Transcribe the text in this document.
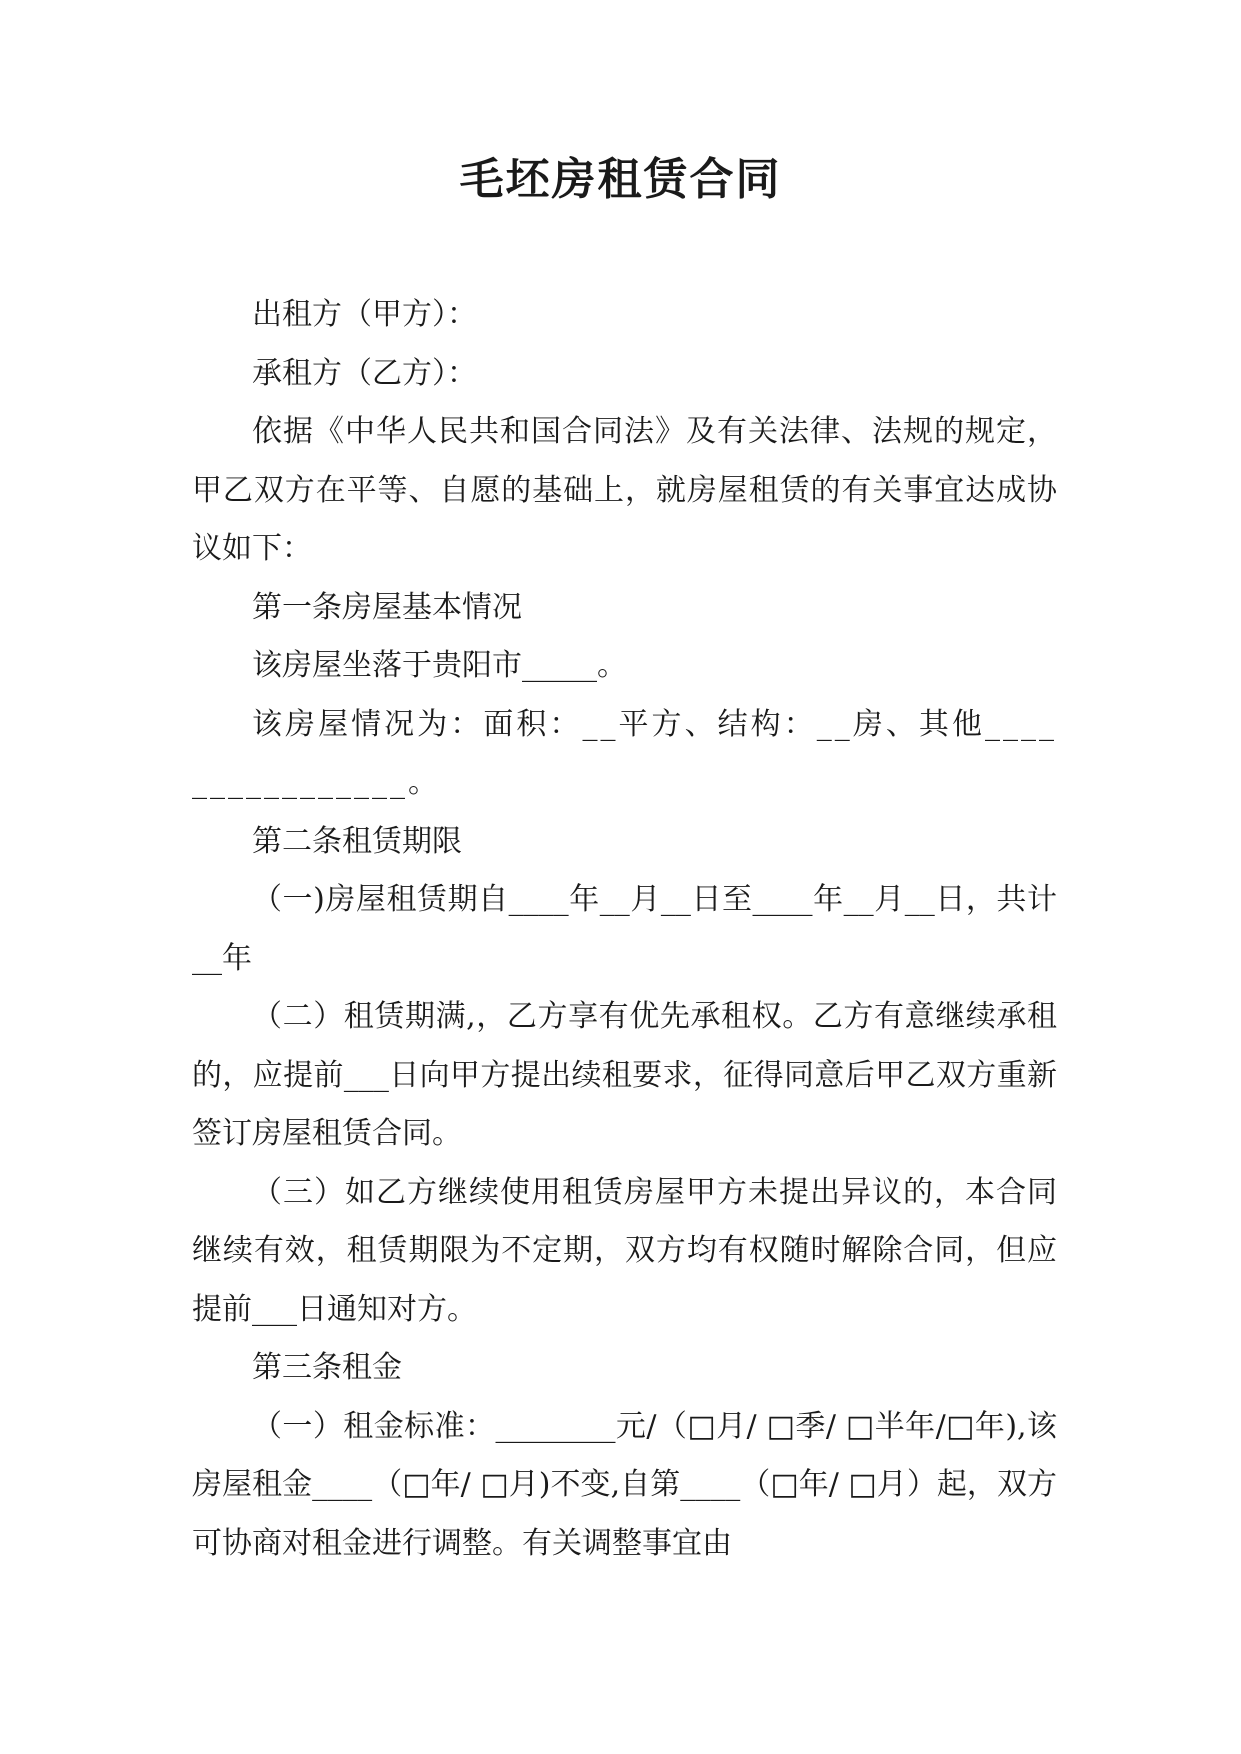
毛坯房租赁合同

出租方（甲方）：

承租方（乙方）：

依据《中华人民共和国合同法》及有关法律、法规的规定，甲乙双方在平等、自愿的基础上，就房屋租赁的有关事宜达成协议如下：

第一条房屋基本情况

该房屋坐落于贵阳市_____。

该房屋情况为：面积：__平方、结构：__房、其他________________。

第二条租赁期限

（一)房屋租赁期自____年__月__日至____年__月__日，共计__年

（二）租赁期满,，乙方享有优先承租权。乙方有意继续承租的，应提前___日向甲方提出续租要求，征得同意后甲乙双方重新签订房屋租赁合同。

（三）如乙方继续使用租赁房屋甲方未提出异议的，本合同继续有效，租赁期限为不定期，双方均有权随时解除合同，但应提前___日通知对方。

第三条租金

（一）租金标准：________元/（□月/ □季/ □半年/□年),该房屋租金____（□年/ □月)不变,自第____（□年/ □月）起，双方可协商对租金进行调整。有关调整事宜由
